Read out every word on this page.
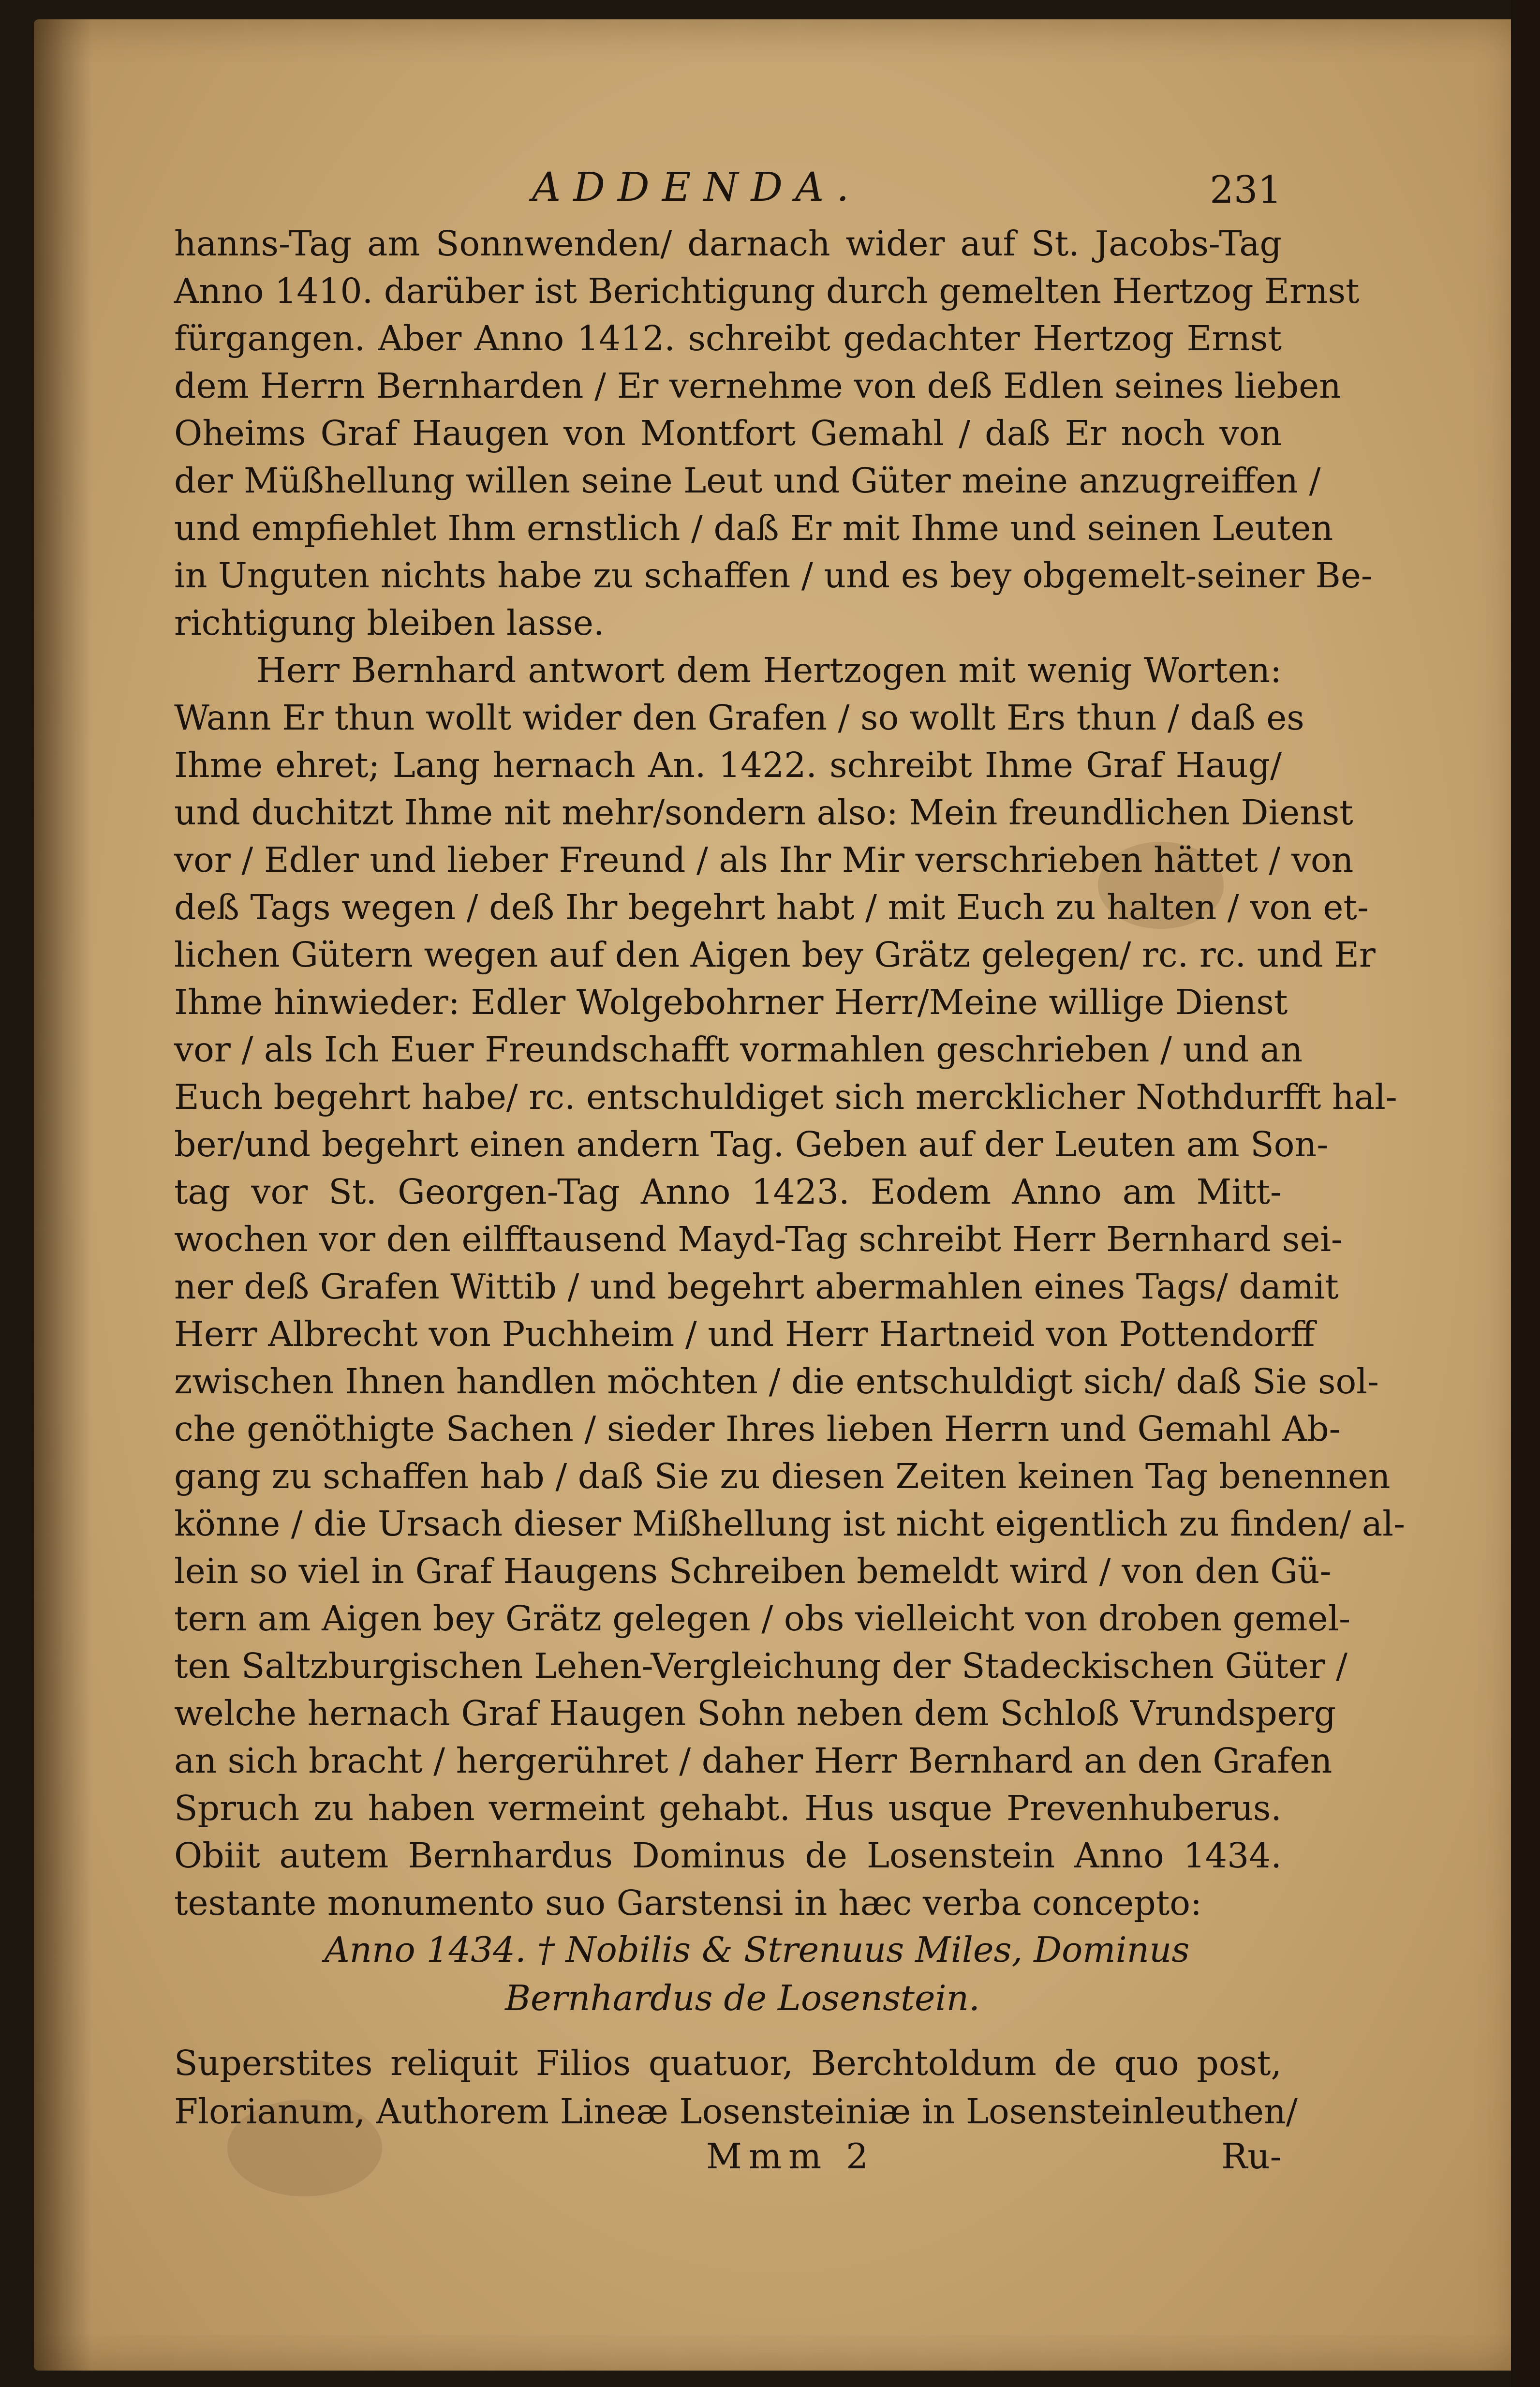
ADDENDA.	231
hanns-Tag am Sonnwenden/ darnach wider auf St. Jacobs-Tag
Anno 1410. darüber ist Berichtigung durch gemelten Hertzog Ernst
fürgangen. Aber Anno 1412. schreibt gedachter Hertzog Ernst
dem Herrn Bernharden / Er vernehme von deß Edlen seines lieben
Oheims Graf Haugen von Montfort Gemahl / daß Er noch von
der Müßhellung willen seine Leut und Güter meine anzugreiffen /
und empfiehlet Ihm ernstlich / daß Er mit Ihme und seinen Leuten
in Unguten nichts habe zu schaffen / und es bey obgemelt-seiner Be-
richtigung bleiben lasse.
Herr Bernhard antwort dem Hertzogen mit wenig Worten:
Wann Er thun wollt wider den Grafen / so wollt Ers thun / daß es
Ihme ehret; Lang hernach An. 1422. schreibt Ihme Graf Haug/
und duchitzt Ihme nit mehr/sondern also: Mein freundlichen Dienst
vor / Edler und lieber Freund / als Ihr Mir verschrieben hättet / von
deß Tags wegen / deß Ihr begehrt habt / mit Euch zu halten / von et-
lichen Gütern wegen auf den Aigen bey Grätz gelegen/ rc. rc. und Er
Ihme hinwieder: Edler Wolgebohrner Herr/Meine willige Dienst
vor / als Ich Euer Freundschafft vormahlen geschrieben / und an
Euch begehrt habe/ rc. entschuldiget sich mercklicher Nothdurfft hal-
ber/und begehrt einen andern Tag. Geben auf der Leuten am Son-
tag vor St. Georgen-Tag Anno 1423. Eodem Anno am Mitt-
wochen vor den eilfftausend Mayd-Tag schreibt Herr Bernhard sei-
ner deß Grafen Wittib / und begehrt abermahlen eines Tags/ damit
Herr Albrecht von Puchheim / und Herr Hartneid von Pottendorff
zwischen Ihnen handlen möchten / die entschuldigt sich/ daß Sie sol-
che genöthigte Sachen / sieder Ihres lieben Herrn und Gemahl Ab-
gang zu schaffen hab / daß Sie zu diesen Zeiten keinen Tag benennen
könne / die Ursach dieser Mißhellung ist nicht eigentlich zu finden/ al-
lein so viel in Graf Haugens Schreiben bemeldt wird / von den Gü-
tern am Aigen bey Grätz gelegen / obs vielleicht von droben gemel-
ten Saltzburgischen Lehen-Vergleichung der Stadeckischen Güter /
welche hernach Graf Haugen Sohn neben dem Schloß Vrundsperg
an sich bracht / hergerühret / daher Herr Bernhard an den Grafen
Spruch zu haben vermeint gehabt. Hus usque Prevenhuberus.
Obiit autem Bernhardus Dominus de Losenstein Anno 1434.
testante monumento suo Garstensi in hæc verba concepto:
Anno 1434. † Nobilis & Strenuus Miles, Dominus
Bernhardus de Losenstein.
Superstites reliquit Filios quatuor, Berchtoldum de quo post,
Florianum, Authorem Lineæ Losensteiniæ in Losensteinleuthen/
Mmm 2	Ru-
